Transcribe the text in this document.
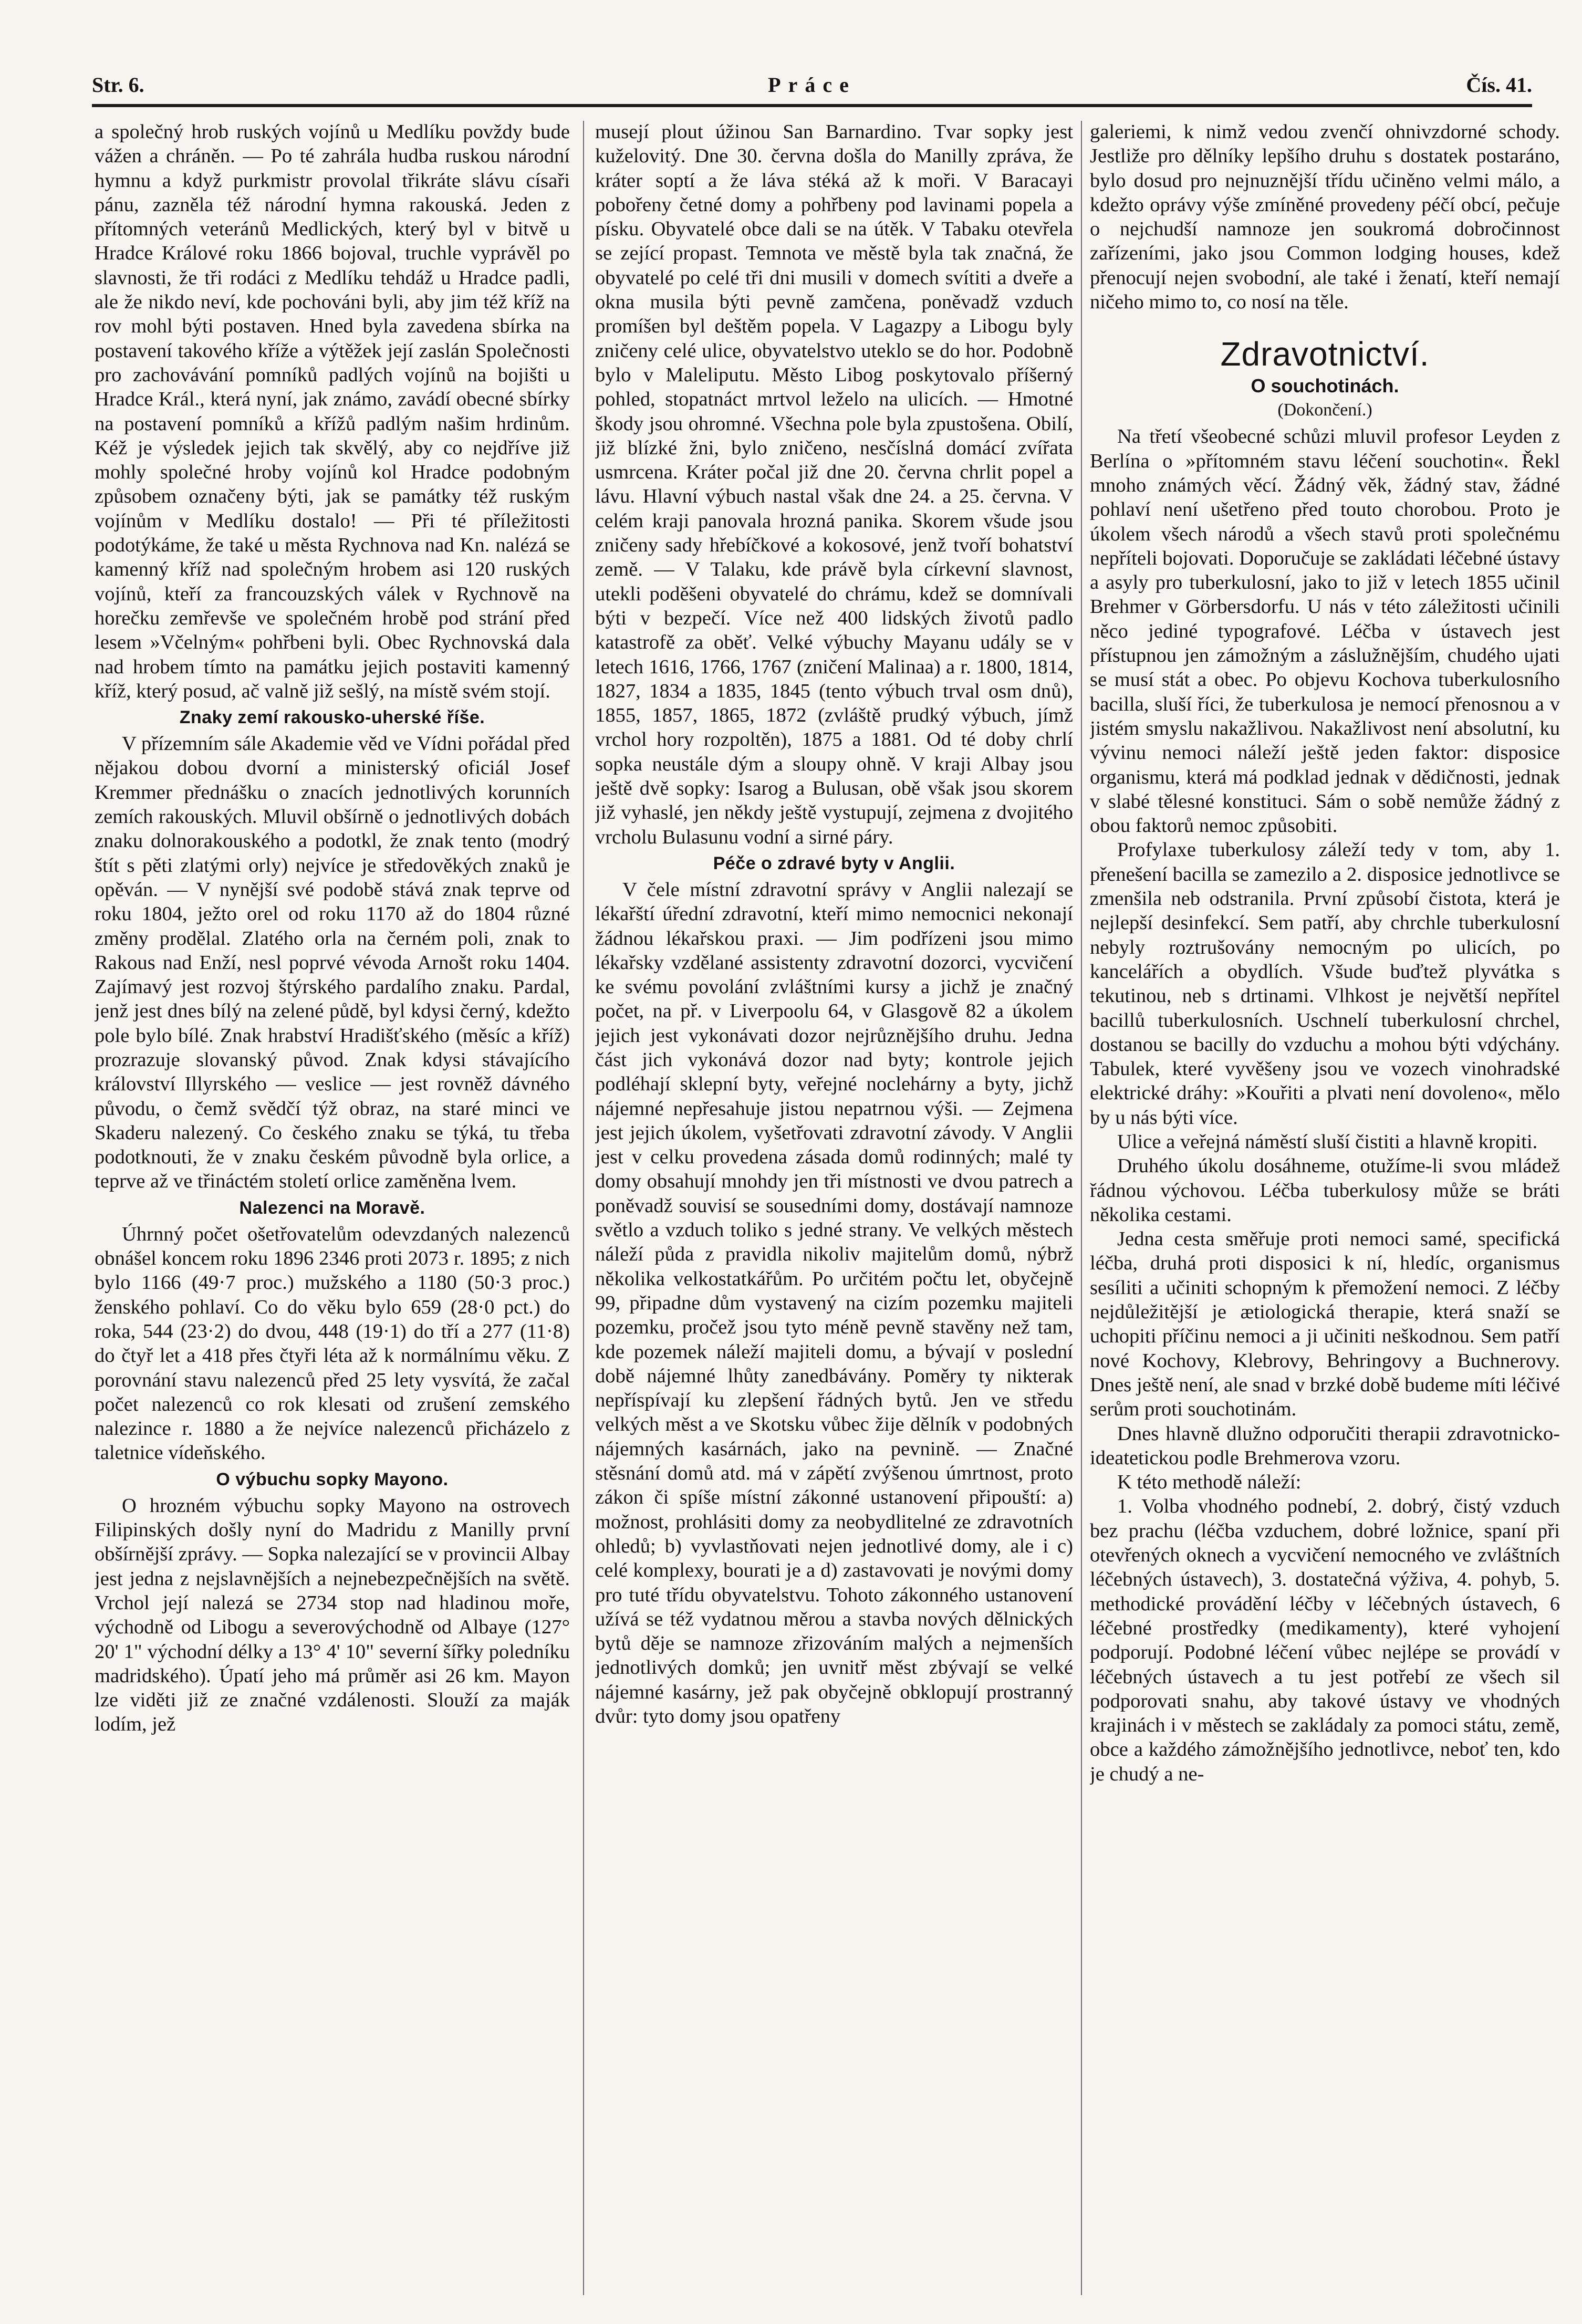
Str. 6.	Práce	Čís. 41.

a společný hrob ruských vojínů u Medlíku povždy bude vážen a chráněn. — Po té zahrála hudba ruskou národní hymnu a když purkmistr provolal třikráte slávu císaři pánu, zazněla též národní hymna rakouská. Jeden z přítomných veteránů Medlických, který byl v bitvě u Hradce Králové roku 1866 bojoval, truchle vyprávěl po slavnosti, že tři rodáci z Medlíku tehdáž u Hradce padli, ale že nikdo neví, kde pochováni byli, aby jim též kříž na rov mohl býti postaven. Hned byla zavedena sbírka na postavení takového kříže a výtěžek její zaslán Společnosti pro zachovávání pomníků padlých vojínů na bojišti u Hradce Král., která nyní, jak známo, zavádí obecné sbírky na postavení pomníků a křížů padlým našim hrdinům. Kéž je výsledek jejich tak skvělý, aby co nejdříve již mohly společné hroby vojínů kol Hradce podobným způsobem označeny býti, jak se památky též ruským vojínům v Medlíku dostalo! — Při té příležitosti podotýkáme, že také u města Rychnova nad Kn. nalézá se kamenný kříž nad společným hrobem asi 120 ruských vojínů, kteří za francouzských válek v Rychnově na horečku zemřevše ve společném hrobě pod strání před lesem »Včelným« pohřbeni byli. Obec Rychnovská dala nad hrobem tímto na památku jejich postaviti kamenný kříž, který posud, ač valně již sešlý, na místě svém stojí.

Znaky zemí rakousko-uherské říše.

V přízemním sále Akademie věd ve Vídni pořádal před nějakou dobou dvorní a ministerský oficiál Josef Kremmer přednášku o znacích jednotlivých korunních zemích rakouských. Mluvil obšírně o jednotlivých dobách znaku dolnorakouského a podotkl, že znak tento (modrý štít s pěti zlatými orly) nejvíce je středověkých znaků je opěván. — V nynější své podobě stává znak teprve od roku 1804, ježto orel od roku 1170 až do 1804 různé změny prodělal. Zlatého orla na černém poli, znak to Rakous nad Enží, nesl poprvé vévoda Arnošt roku 1404. Zajímavý jest rozvoj štýrského pardalího znaku. Pardal, jenž jest dnes bílý na zelené půdě, byl kdysi černý, kdežto pole bylo bílé. Znak hrabství Hradišťského (měsíc a kříž) prozrazuje slovanský původ. Znak kdysi stávajícího království Illyrského — veslice — jest rovněž dávného původu, o čemž svědčí týž obraz, na staré minci ve Skaderu nalezený. Co českého znaku se týká, tu třeba podotknouti, že v znaku českém původně byla orlice, a teprve až ve třináctém století orlice zaměněna lvem.

Nalezenci na Moravě.

Úhrnný počet ošetřovatelům odevzdaných nalezenců obnášel koncem roku 1896 2346 proti 2073 r. 1895; z nich bylo 1166 (49·7 proc.) mužského a 1180 (50·3 proc.) ženského pohlaví. Co do věku bylo 659 (28·0 pct.) do roka, 544 (23·2) do dvou, 448 (19·1) do tří a 277 (11·8) do čtyř let a 418 přes čtyři léta až k normálnímu věku. Z porovnání stavu nalezenců před 25 lety vysvítá, že začal počet nalezenců co rok klesati od zrušení zemského nalezince r. 1880 a že nejvíce nalezenců přicházelo z taletnice vídeňského.

O výbuchu sopky Mayono.

O hrozném výbuchu sopky Mayono na ostrovech Filipinských došly nyní do Madridu z Manilly první obšírnější zprávy. — Sopka nalezající se v provincii Albay jest jedna z nejslavnějších a nejnebezpečnějších na světě. Vrchol její nalezá se 2734 stop nad hladinou moře, východně od Libogu a severovýchodně od Albaye (127° 20' 1" východní délky a 13° 4' 10" severní šířky poledníku madridského). Úpatí jeho má průměr asi 26 km. Mayon lze viděti již ze značné vzdálenosti. Slouží za maják lodím, jež

musejí plout úžinou San Barnardino. Tvar sopky jest kuželovitý. Dne 30. června došla do Manilly zpráva, že kráter soptí a že láva stéká až k moři. V Baracayi pobořeny četné domy a pohřbeny pod lavinami popela a písku. Obyvatelé obce dali se na útěk. V Tabaku otevřela se zející propast. Temnota ve městě byla tak značná, že obyvatelé po celé tři dni musili v domech svítiti a dveře a okna musila býti pevně zamčena, poněvadž vzduch promíšen byl deštěm popela. V Lagazpy a Libogu byly zničeny celé ulice, obyvatelstvo uteklo se do hor. Podobně bylo v Maleliputu. Město Libog poskytovalo příšerný pohled, stopatnáct mrtvol leželo na ulicích. — Hmotné škody jsou ohromné. Všechna pole byla zpustošena. Obilí, již blízké žni, bylo zničeno, nesčíslná domácí zvířata usmrcena. Kráter počal již dne 20. června chrlit popel a lávu. Hlavní výbuch nastal však dne 24. a 25. června. V celém kraji panovala hrozná panika. Skorem všude jsou zničeny sady hřebíčkové a kokosové, jenž tvoří bohatství země. — V Talaku, kde právě byla církevní slavnost, utekli poděšeni obyvatelé do chrámu, kdež se domnívali býti v bezpečí. Více než 400 lidských životů padlo katastrofě za oběť. Velké výbuchy Mayanu udály se v letech 1616, 1766, 1767 (zničení Malinaa) a r. 1800, 1814, 1827, 1834 a 1835, 1845 (tento výbuch trval osm dnů), 1855, 1857, 1865, 1872 (zvláště prudký výbuch, jímž vrchol hory rozpoltěn), 1875 a 1881. Od té doby chrlí sopka neustále dým a sloupy ohně. V kraji Albay jsou ještě dvě sopky: Isarog a Bulusan, obě však jsou skorem již vyhaslé, jen někdy ještě vystupují, zejmena z dvojitého vrcholu Bulasunu vodní a sirné páry.

Péče o zdravé byty v Anglii.

V čele místní zdravotní správy v Anglii nalezají se lékařští úřední zdravotní, kteří mimo nemocnici nekonají žádnou lékařskou praxi. — Jim podřízeni jsou mimo lékařsky vzdělané assistenty zdravotní dozorci, vycvičení ke svému povolání zvláštními kursy a jichž je značný počet, na př. v Liverpoolu 64, v Glasgově 82 a úkolem jejich jest vykonávati dozor nejrůznějšího druhu. Jedna část jich vykonává dozor nad byty; kontrole jejich podléhají sklepní byty, veřejné noclehárny a byty, jichž nájemné nepřesahuje jistou nepatrnou výši. — Zejmena jest jejich úkolem, vyšetřovati zdravotní závody. V Anglii jest v celku provedena zásada domů rodinných; malé ty domy obsahují mnohdy jen tři místnosti ve dvou patrech a poněvadž souvisí se sousedními domy, dostávají namnoze světlo a vzduch toliko s jedné strany. Ve velkých městech náleží půda z pravidla nikoliv majitelům domů, nýbrž několika velkostatkářům. Po určitém počtu let, obyčejně 99, připadne dům vystavený na cizím pozemku majiteli pozemku, pročež jsou tyto méně pevně stavěny než tam, kde pozemek náleží majiteli domu, a bývají v poslední době nájemné lhůty zanedbávány. Poměry ty nikterak nepříspívají ku zlepšení řádných bytů. Jen ve středu velkých měst a ve Skotsku vůbec žije dělník v podobných nájemných kasárnách, jako na pevnině. — Značné stěsnání domů atd. má v zápětí zvýšenou úmrtnost, proto zákon či spíše místní zákonné ustanovení připouští: a) možnost, prohlásiti domy za neobydlitelné ze zdravotních ohledů; b) vyvlastňovati nejen jednotlivé domy, ale i c) celé komplexy, bourati je a d) zastavovati je novými domy pro tuté třídu obyvatelstvu. Tohoto zákonného ustanovení užívá se též vydatnou měrou a stavba nových dělnických bytů děje se namnoze zřizováním malých a nejmenších jednotlivých domků; jen uvnitř měst zbývají se velké nájemné kasárny, jež pak obyčejně obklopují prostranný dvůr: tyto domy jsou opatřeny

galeriemi, k nimž vedou zvenčí ohnivzdorné schody. Jestliže pro dělníky lepšího druhu s dostatek postaráno, bylo dosud pro nejnuznější třídu učiněno velmi málo, a kdežto oprávy výše zmíněné provedeny péčí obcí, pečuje o nejchudší namnoze jen soukromá dobročinnost zařízeními, jako jsou Common lodging houses, kdež přenocují nejen svobodní, ale také i ženatí, kteří nemají ničeho mimo to, co nosí na těle.

Zdravotnictví.
O souchotinách.
(Dokončení.)

Na třetí všeobecné schůzi mluvil profesor Leyden z Berlína o »přítomném stavu léčení souchotin«. Řekl mnoho známých věcí. Žádný věk, žádný stav, žádné pohlaví není ušetřeno před touto chorobou. Proto je úkolem všech národů a všech stavů proti společnému nepříteli bojovati. Doporučuje se zakládati léčebné ústavy a asyly pro tuberkulosní, jako to již v letech 1855 učinil Brehmer v Görbersdorfu. U nás v této záležitosti učinili něco jediné typografové. Léčba v ústavech jest přístupnou jen zámožným a záslužnějším, chudého ujati se musí stát a obec. Po objevu Kochova tuberkulosního bacilla, sluší říci, že tuberkulosa je nemocí přenosnou a v jistém smyslu nakažlivou. Nakažlivost není absolutní, ku vývinu nemoci náleží ještě jeden faktor: disposice organismu, která má podklad jednak v dědičnosti, jednak v slabé tělesné konstituci. Sám o sobě nemůže žádný z obou faktorů nemoc způsobiti.

Profylaxe tuberkulosy záleží tedy v tom, aby 1. přenešení bacilla se zamezilo a 2. disposice jednotlivce se zmenšila neb odstranila. První způsobí čistota, která je nejlepší desinfekcí. Sem patří, aby chrchle tuberkulosní nebyly roztrušovány nemocným po ulicích, po kancelářích a obydlích. Všude buďtež plyvátka s tekutinou, neb s drtinami. Vlhkost je největší nepřítel bacillů tuberkulosních. Uschnelí tuberkulosní chrchel, dostanou se bacilly do vzduchu a mohou býti vdýchány. Tabulek, které vyvěšeny jsou ve vozech vinohradské elektrické dráhy: »Kouřiti a plvati není dovoleno«, mělo by u nás býti více.

Ulice a veřejná náměstí sluší čistiti a hlavně kropiti.

Druhého úkolu dosáhneme, otužíme-li svou mládež řádnou výchovou. Léčba tuberkulosy může se bráti několika cestami.

Jedna cesta směřuje proti nemoci samé, specifická léčba, druhá proti disposici k ní, hledíc, organismus sesíliti a učiniti schopným k přemožení nemoci. Z léčby nejdůležitější je ætiologická therapie, která snaží se uchopiti příčinu nemoci a ji učiniti neškodnou. Sem patří nové Kochovy, Klebrovy, Behringovy a Buchnerovy. Dnes ještě není, ale snad v brzké době budeme míti léčivé serům proti souchotinám.

Dnes hlavně dlužno odporučiti therapii zdravotnicko-ideatetickou podle Brehmerova vzoru.

K této methodě náleží:

1. Volba vhodného podnebí, 2. dobrý, čistý vzduch bez prachu (léčba vzduchem, dobré ložnice, spaní při otevřených oknech a vycvičení nemocného ve zvláštních léčebných ústavech), 3. dostatečná výživa, 4. pohyb, 5. methodické provádění léčby v léčebných ústavech, 6 léčebné prostředky (medikamenty), které vyhojení podporují. Podobné léčení vůbec nejlépe se provádí v léčebných ústavech a tu jest potřebí ze všech sil podporovati snahu, aby takové ústavy ve vhodných krajinách i v městech se zakládaly za pomoci státu, země, obce a každého zámožnějšího jednotlivce, neboť ten, kdo je chudý a ne-
